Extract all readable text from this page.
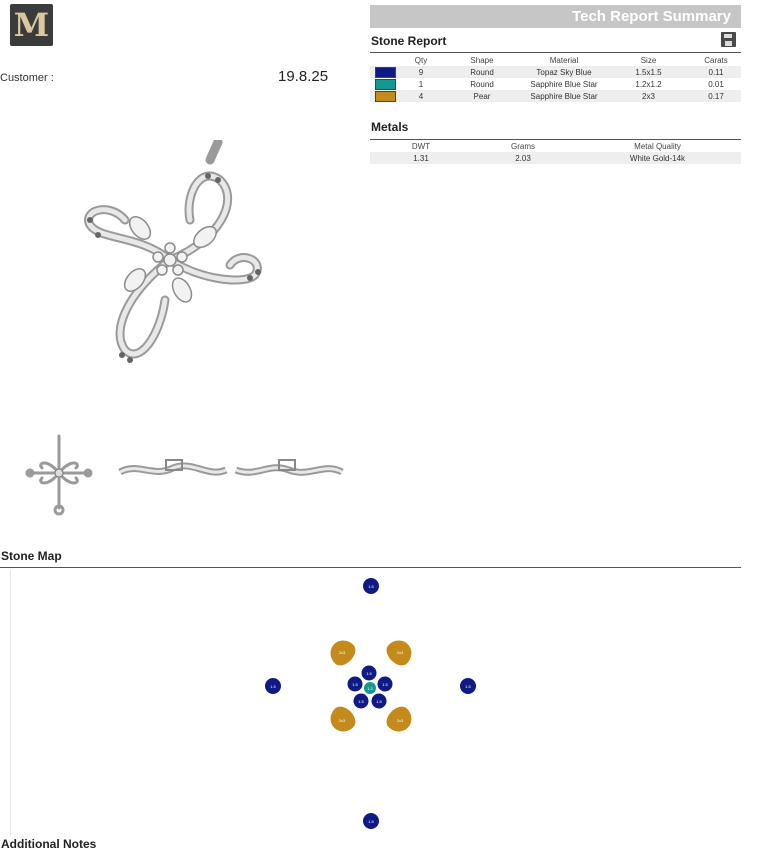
M
Customer :	19.8.25
Tech Report Summary
Stone Report
	Qty	Shape	Material	Size	Carats
	9	Round	Topaz Sky Blue	1.5x1.5	0.11
	1	Round	Sapphire Blue Star	1.2x1.2	0.01
	4	Pear	Sapphire Blue Star	2x3	0.17
Metals
DWT	Grams	Metal Quality
1.31	2.03	White Gold-14k
Stone Map
1.5
1.5	1.5
1.5
2x3	2x3
2x3	2x3
1.5
1.5	1.5
1.5	1.5
1.2
Additional Notes
